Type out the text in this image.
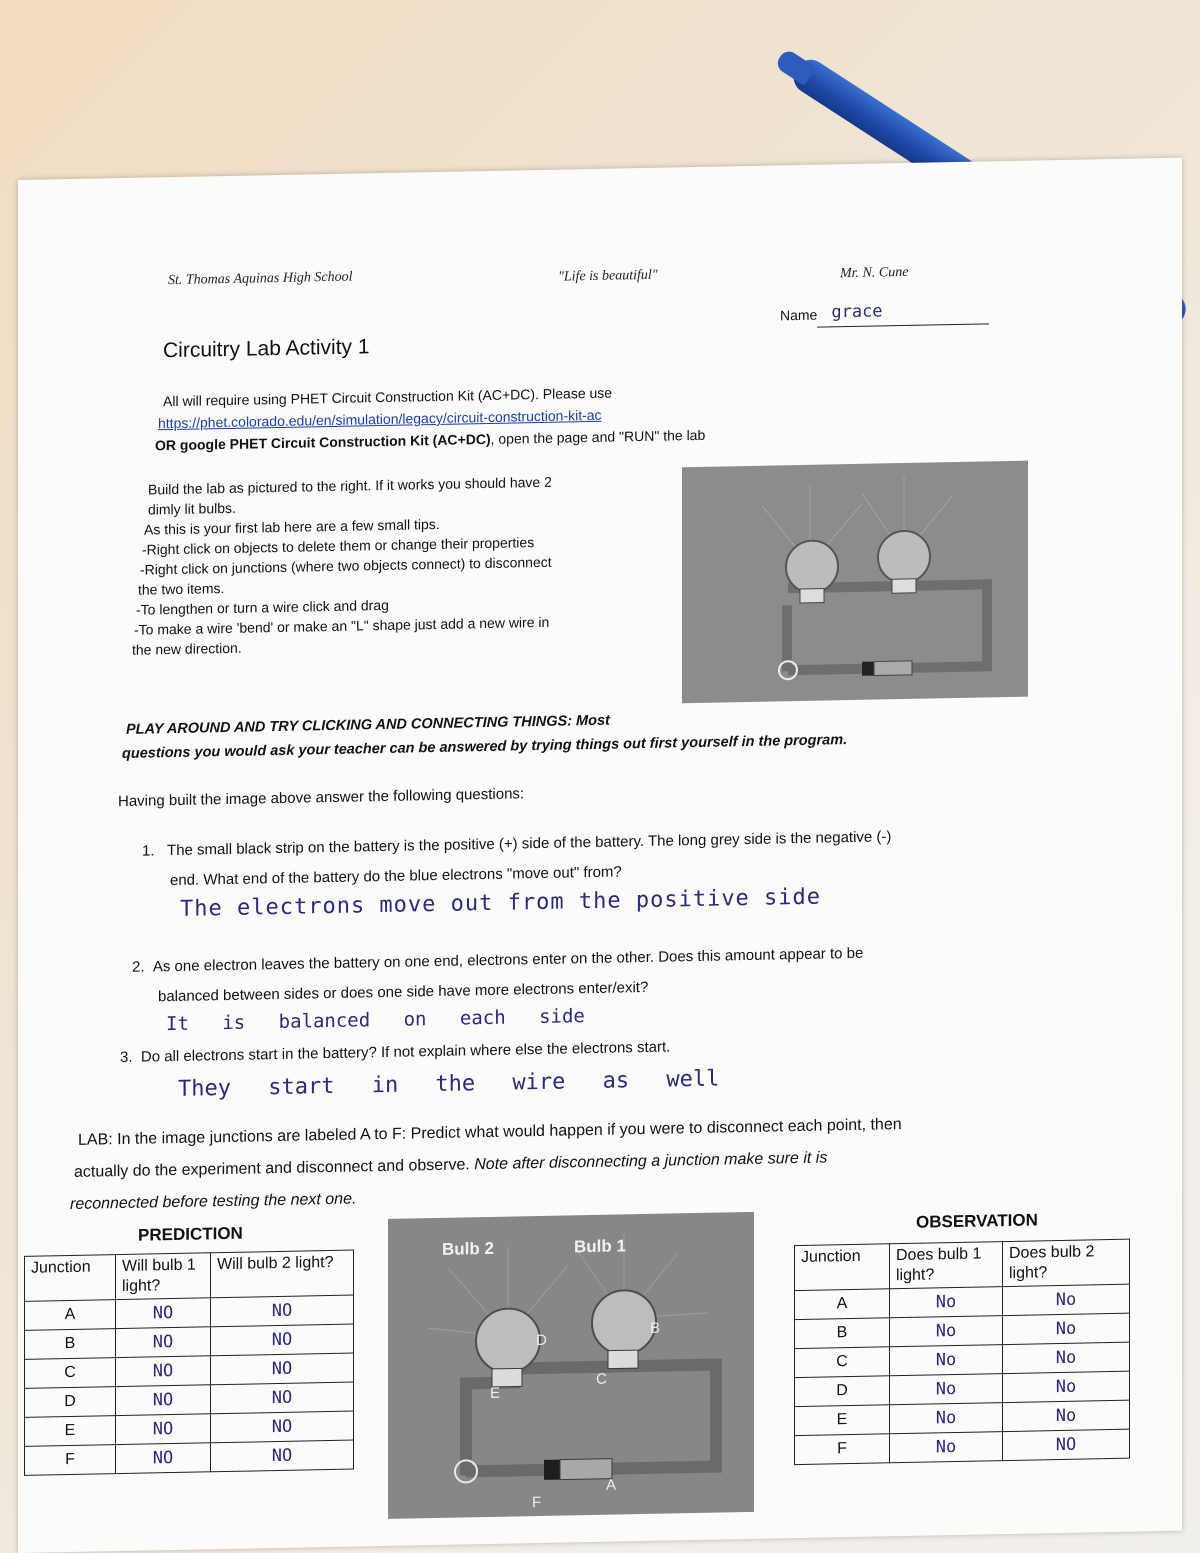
St. Thomas Aquinas High School	"Life is beautiful"	Mr. N. Cune
Name grace
Circuitry Lab Activity 1
All will require using PHET Circuit Construction Kit (AC+DC). Please use
https://phet.colorado.edu/en/simulation/legacy/circuit-construction-kit-ac
OR google PHET Circuit Construction Kit (AC+DC), open the page and "RUN" the lab
Build the lab as pictured to the right. If it works you should have 2
dimly lit bulbs.
As this is your first lab here are a few small tips.
-Right click on objects to delete them or change their properties
-Right click on junctions (where two objects connect) to disconnect
the two items.
-To lengthen or turn a wire click and drag
-To make a wire 'bend' or make an "L" shape just add a new wire in
the new direction.
PLAY AROUND AND TRY CLICKING AND CONNECTING THINGS: Most
questions you would ask your teacher can be answered by trying things out first yourself in the program.
Having built the image above answer the following questions:
1. The small black strip on the battery is the positive (+) side of the battery. The long grey side is the negative (-)
end. What end of the battery do the blue electrons "move out" from?
The electrons move out from the positive side
2. As one electron leaves the battery on one end, electrons enter on the other. Does this amount appear to be
balanced between sides or does one side have more electrons enter/exit?
It is balanced on each side
3. Do all electrons start in the battery? If not explain where else the electrons start.
They start in the wire as well
LAB: In the image junctions are labeled A to F: Predict what would happen if you were to disconnect each point, then
actually do the experiment and disconnect and observe. Note after disconnecting a junction make sure it is
reconnected before testing the next one.
PREDICTION
OBSERVATION
Junction	Will bulb 1 light?	Will bulb 2 light?
A	NO	NO
B	NO	NO
C	NO	NO
D	NO	NO
E	NO	NO
F	NO	NO
Bulb 2	Bulb 1
A
B
C
D
E
F
Junction	Does bulb 1 light?	Does bulb 2 light?
A	No	No
B	No	No
C	No	No
D	No	No
E	No	No
F	No	NO
